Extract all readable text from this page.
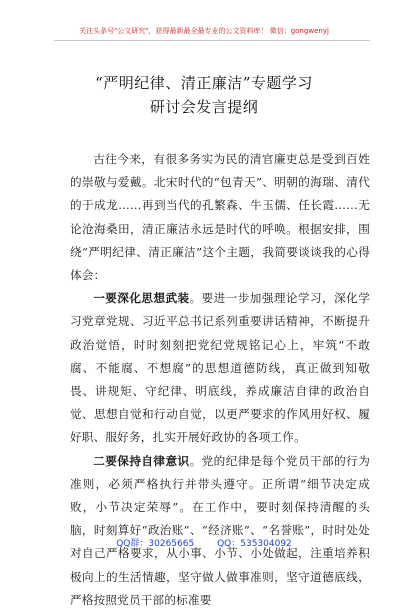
关注头条号"公文研究"，获得最新最全最专业的公文资料库！ 微信：gongwenyj
“严明纪律、清正廉洁”专题学习
研讨会发言提纲

古往今来，有很多务实为民的清官廉吏总是受到百姓的崇敬与爱戴。北宋时代的“包青天”、明朝的海瑞、清代的于成龙……再到当代的孔繁森、牛玉儒、任长霞……无论沧海桑田，清正廉洁永远是时代的呼唤。根据安排，围绕“严明纪律、清正廉洁”这个主题，我简要谈谈我的心得体会：

一要深化思想武装。要进一步加强理论学习，深化学习党章党规、习近平总书记系列重要讲话精神，不断提升政治觉悟，时时刻刻把党纪党规铭记心上，牢筑“不敢腐、不能腐、不想腐”的思想道德防线，真正做到知敬畏、讲规矩、守纪律、明底线，养成廉洁自律的政治自觉、思想自觉和行动自觉，以更严要求的作风用好权、履好职、服好务，扎实开展好政协的各项工作。

二要保持自律意识。党的纪律是每个党员干部的行为准则，必须严格执行并带头遵守。正所谓“细节决定成败，小节决定荣辱”。在工作中，要时刻保持清醒的头脑，时刻算好“政治账”、“经济账”、“名誉账”，时时处处对自己严格要求，从小事、小节、小处做起，注重培养积极向上的生活情趣，坚守做人做事准则，坚守道德底线，严格按照党员干部的标准要

QQ群：30265665	QQ：535304092
